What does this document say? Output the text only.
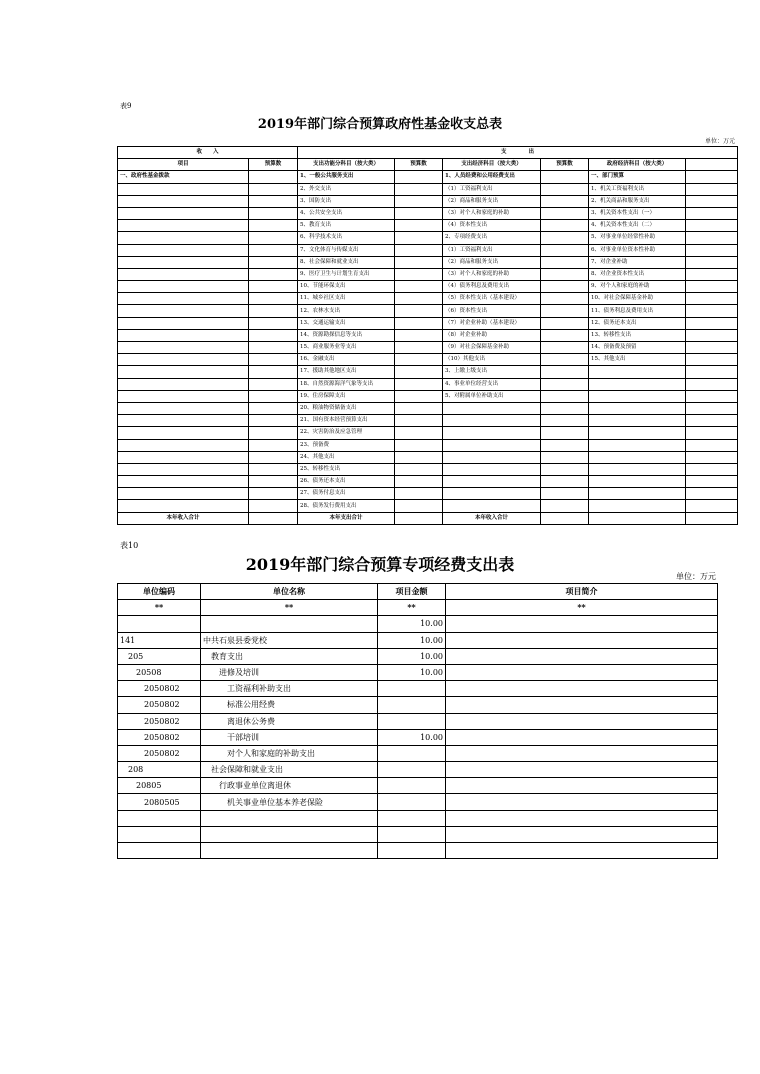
表9
2019年部门综合预算政府性基金收支总表
单位：万元
收　　入		支　　　　出					
项目	预算数	支出功能分科目（按大类）	预算数	支出经济科目（按大类）	预算数	政府经济科目（按大类）	
一、政府性基金拨款		1、一般公共服务支出		1、人员经费和公用经费支出		一、部门预算	
		2、外交支出		（1）工资福利支出		1、机关工资福利支出	
		3、国防支出		（2）商品和服务支出		2、机关商品和服务支出	
		4、公共安全支出		（3）对个人和家庭的补助		3、机关资本性支出（一）	
		5、教育支出		（4）资本性支出		4、机关资本性支出（二）	
		6、科学技术支出		2、专项经费支出		5、对事业单位经常性补助	
		7、文化体育与传媒支出		（1）工资福利支出		6、对事业单位资本性补助	
		8、社会保障和就业支出		（2）商品和服务支出		7、对企业补助	
		9、医疗卫生与计划生育支出		（3）对个人和家庭的补助		8、对企业资本性支出	
		10、节能环保支出		（4）债务利息及费用支出		9、对个人和家庭的补助	
		11、城乡社区支出		（5）资本性支出（基本建设）		10、对社会保障基金补助	
		12、农林水支出		（6）资本性支出		11、债务利息及费用支出	
		13、交通运输支出		（7）对企业补助（基本建设）		12、债务还本支出	
		14、资源勘探信息等支出		（8）对企业补助		13、转移性支出	
		15、商业服务业等支出		（9）对社会保障基金补助		14、预备费及预留	
		16、金融支出		（10）其他支出		15、其他支出	
		17、援助其他地区支出		3、上缴上级支出			
		18、自然资源海洋气象等支出		4、事业单位经营支出			
		19、住房保障支出		5、对附属单位补助支出			
		20、粮油物资储备支出					
		21、国有资本经营预算支出					
		22、灾害防治及应急管理					
		23、预备费					
		24、其他支出					
		25、转移性支出					
		26、债务还本支出					
		27、债务付息支出					
		28、债务发行费用支出					
本年收入合计		本年支出合计		本年收入合计			
表10
2019年部门综合预算专项经费支出表
单位：万元
单位编码	单位名称	项目金额	项目简介
**	**	**	**
		10.00	
141	中共石泉县委党校	10.00	
205	教育支出	10.00	
20508	进修及培训	10.00	
2050802	工资福利补助支出		
2050802	标准公用经费		
2050802	离退休公务费		
2050802	干部培训	10.00	
2050802	对个人和家庭的补助支出		
208	社会保障和就业支出		
20805	行政事业单位离退休		
2080505	机关事业单位基本养老保险		
